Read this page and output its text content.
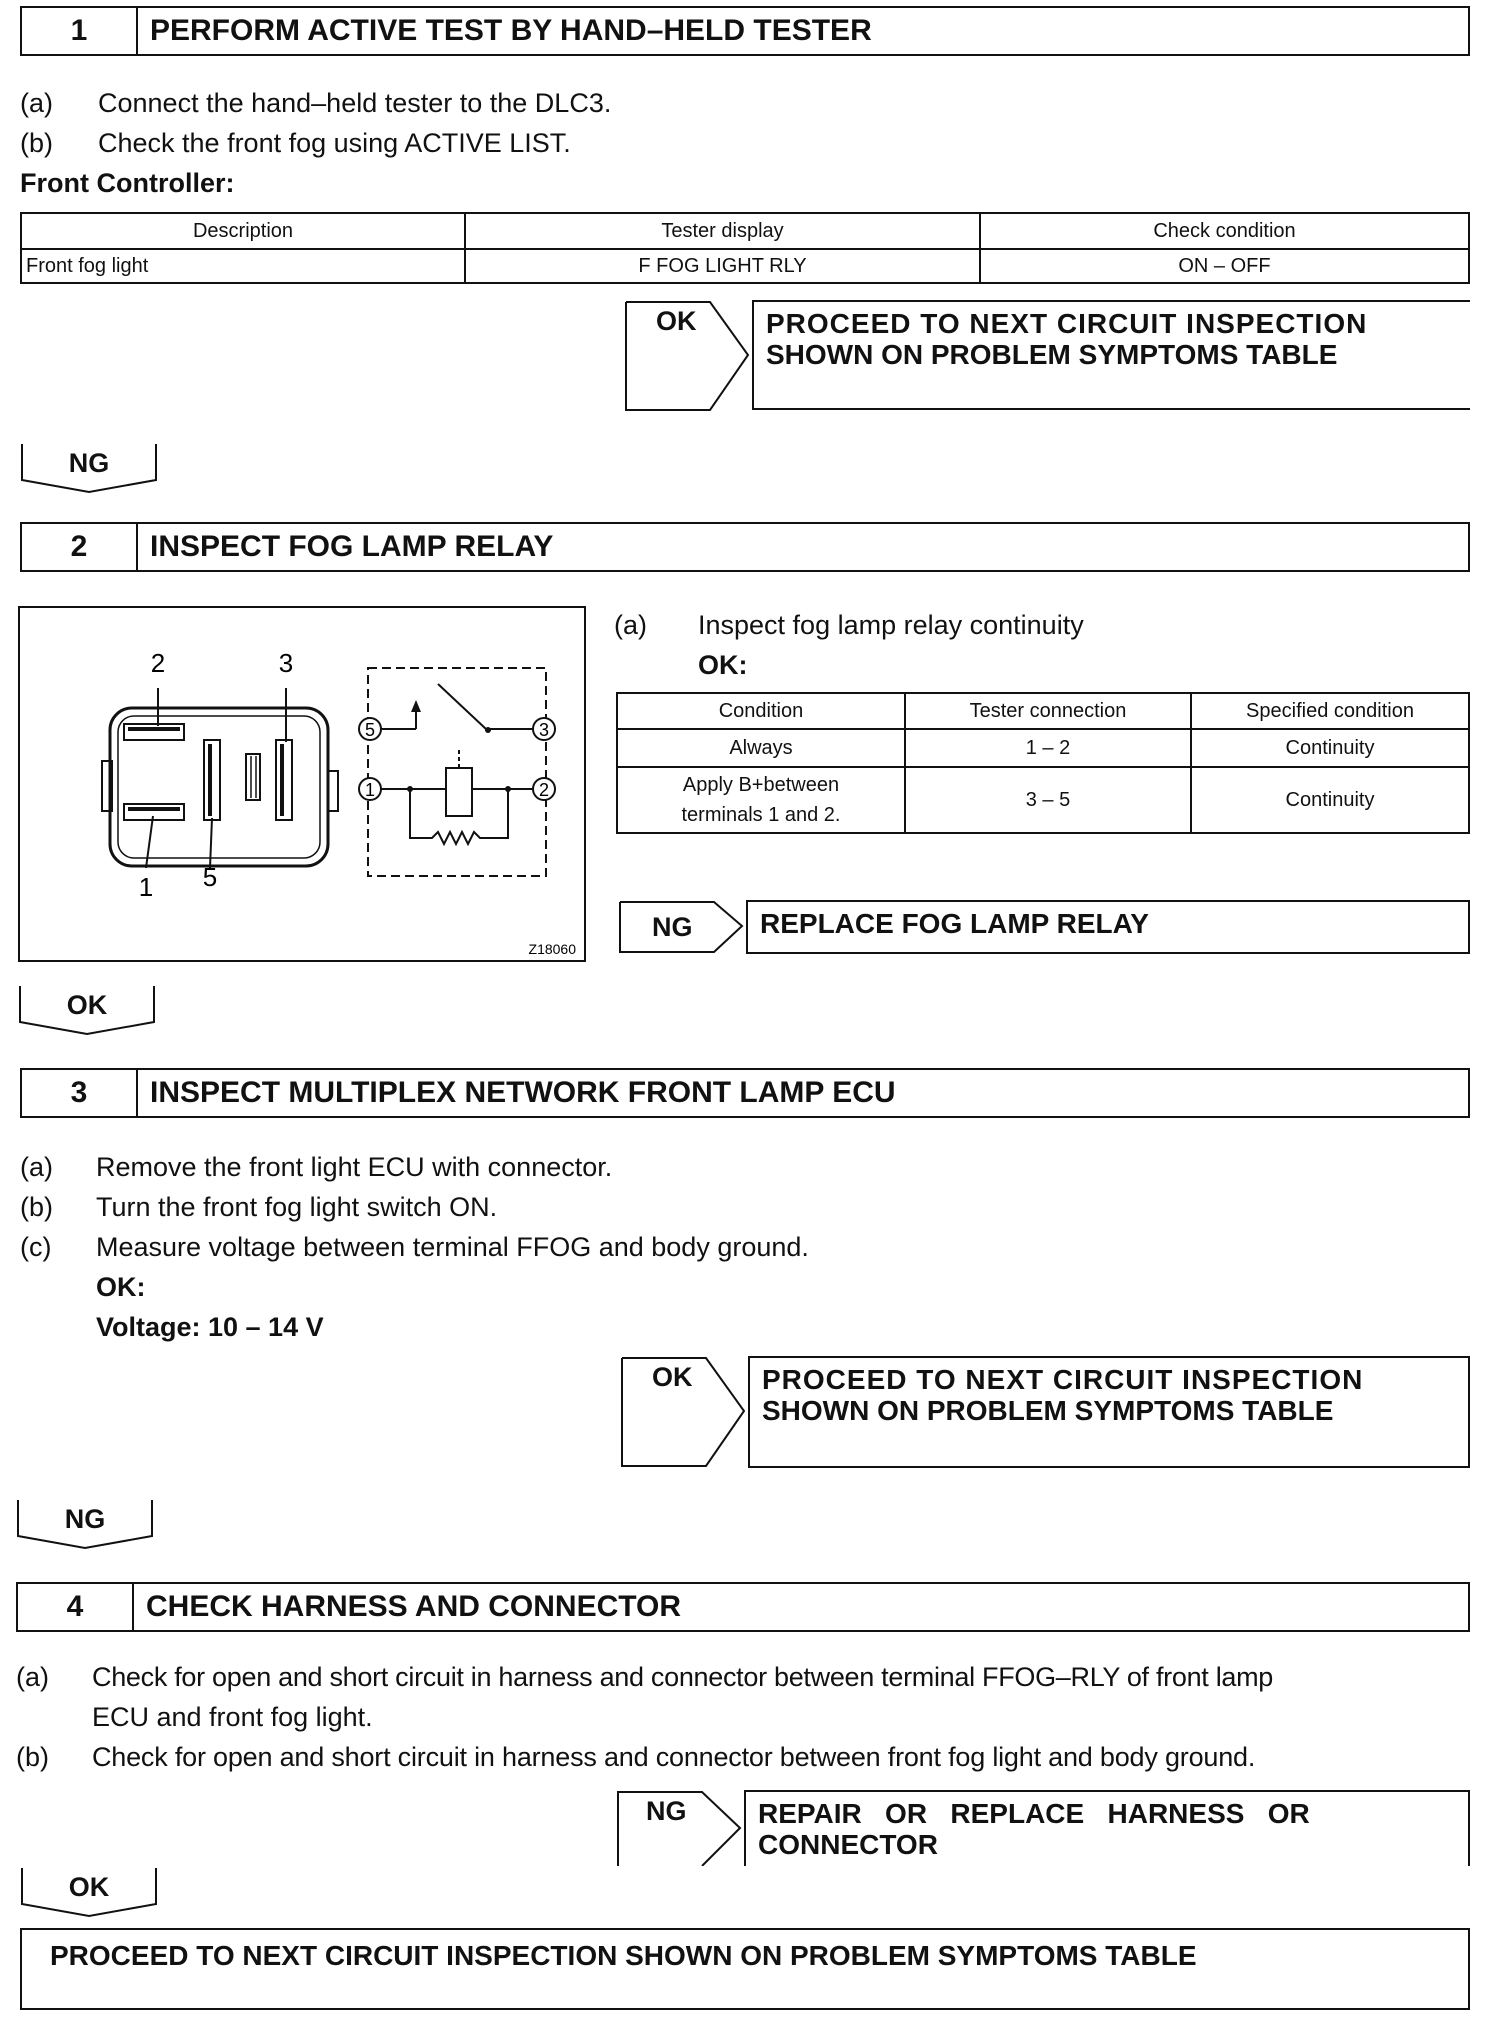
1	PERFORM ACTIVE TEST BY HAND–HELD TESTER
(a)	Connect the hand–held tester to the DLC3.
(b)	Check the front fog using ACTIVE LIST.
Front Controller:
Description	Tester display	Check condition
Front fog light	F FOG LIGHT RLY	ON – OFF
OK PROCEED TO NEXT CIRCUIT INSPECTION
SHOWN ON PROBLEM SYMPTOMS TABLE
NG
2	INSPECT FOG LAMP RELAY
2	3
1 5
5	3
1	2
Z18060
(a)	Inspect fog lamp relay continuity
OK:
Condition	Tester connection	Specified condition
Always	1 – 2	Continuity

Apply B+between
terminals 1 and 2.	3 – 5	Continuity
NG	REPLACE FOG LAMP RELAY
OK
3	INSPECT MULTIPLEX NETWORK FRONT LAMP ECU
(a)	Remove the front light ECU with connector.
(b)	Turn the front fog light switch ON.
(c)	Measure voltage between terminal FFOG and body ground.
OK:
Voltage: 10 – 14 V
OK PROCEED TO NEXT CIRCUIT INSPECTION
SHOWN ON PROBLEM SYMPTOMS TABLE
NG
4	CHECK HARNESS AND CONNECTOR
(a) Check for open and short circuit in harness and connector between terminal FFOG–RLY of front lamp
ECU and front fog light.
(b) Check for open and short circuit in harness and connector between front fog light and body ground.
NG	REPAIR   OR   REPLACE   HARNESS   OR
CONNECTOR
OK
PROCEED TO NEXT CIRCUIT INSPECTION SHOWN ON PROBLEM SYMPTOMS TABLE
